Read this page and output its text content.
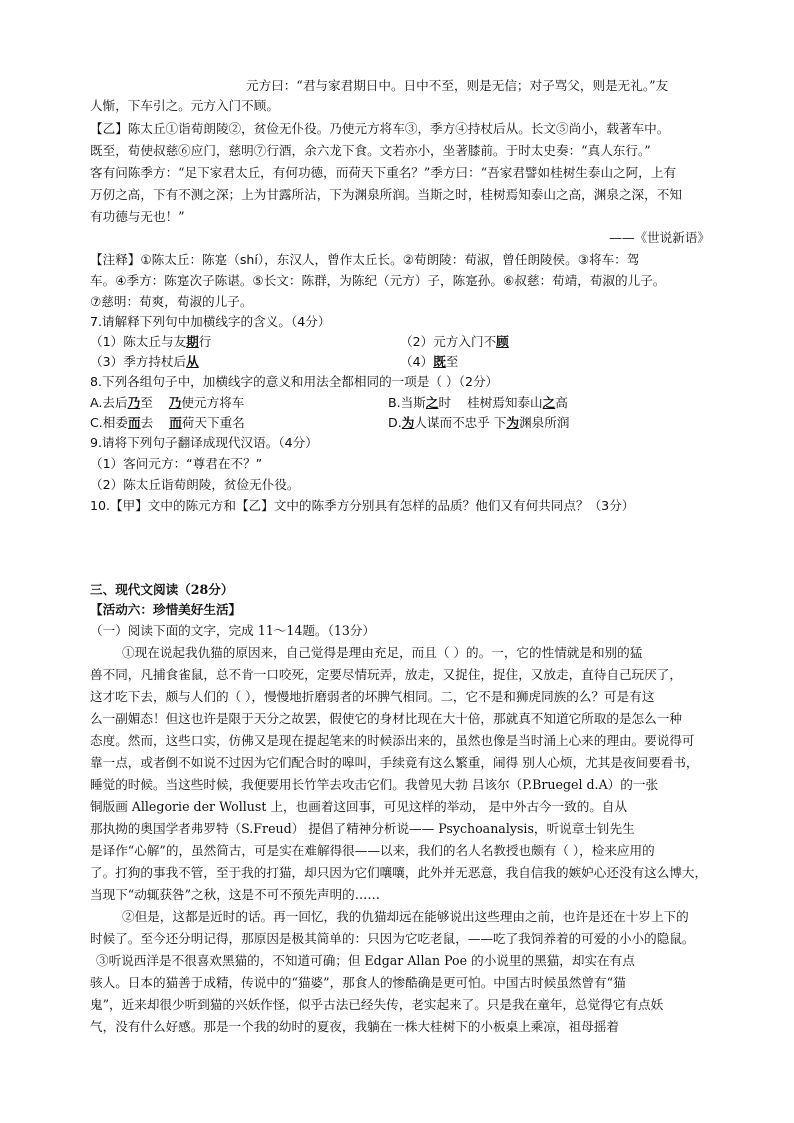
元方曰：“君与家君期日中。日中不至，则是无信；对子骂父，则是无礼。”友
人惭，下车引之。元方入门不顾。
【乙】陈太丘①诣荀朗陵②，贫俭无仆役。乃使元方将车③，季方④持杖后从。长文⑤尚小，载著车中。
既至，荀使叔慈⑥应门，慈明⑦行酒，余六龙下食。文若亦小，坐著膝前。于时太史奏：“真人东行。”
客有问陈季方：“足下家君太丘，有何功德，而荷天下重名？”季方曰：“吾家君譬如桂树生泰山之阿，上有
万仞之高，下有不测之深；上为甘露所沾，下为渊泉所润。当斯之时，桂树焉知泰山之高，渊泉之深，不知
有功德与无也！”
——《世说新语》
【注释】①陈太丘：陈寔（shí），东汉人，曾作太丘长。②荀朗陵：荀淑，曾任朗陵侯。③将车：驾
车。④季方：陈寔次子陈谌。⑤长文：陈群，为陈纪（元方）子，陈寔孙。⑥叔慈：荀靖，荀淑的儿子。
⑦慈明：荀爽，荀淑的儿子。
7.请解释下列句中加横线字的含义。（4分）
（1）陈太丘与友期行	（2）元方入门不顾
（3）季方持杖后从	（4）既至
8.下列各组句子中，加横线字的意义和用法全都相同的一项是（ ）（2分）
A.去后乃至    乃使元方将车	B.当斯之时    桂树焉知泰山之高
C.相委而去    而荷天下重名	D.为人谋而不忠乎 下为渊泉所润
9.请将下列句子翻译成现代汉语。（4分）
（1）客问元方：“尊君在不？”
（2）陈太丘诣荀朗陵，贫俭无仆役。
10.【甲】文中的陈元方和【乙】文中的陈季方分别具有怎样的品质？他们又有何共同点？（3分）
三、现代文阅读（28分）
【活动六：珍惜美好生活】
（一）阅读下面的文字，完成 11～14题。（13分）
①现在说起我仇猫的原因来，自己觉得是理由充足，而且（ ）的。一，它的性情就是和别的猛
兽不同，凡捕食雀鼠，总不肯一口咬死，定要尽情玩弄，放走，又捉住，捉住，又放走，直待自己玩厌了，
这才吃下去，颇与人们的（ ），慢慢地折磨弱者的坏脾气相同。二，它不是和狮虎同族的么？可是有这
么一副媚态！但这也许是限于天分之故罢，假使它的身材比现在大十倍，那就真不知道它所取的是怎么一种
态度。然而，这些口实，仿佛又是现在提起笔来的时候添出来的，虽然也像是当时涌上心来的理由。要说得可
靠一点，或者倒不如说不过因为它们配合时的嗥叫，手续竟有这么繁重，闹得 别人心烦，尤其是夜间要看书，
睡觉的时候。当这些时候，我便要用长竹竿去攻击它们。我曾见大勃 吕该尔（P.Bruegel d.A）的一张
铜版画 Allegorie der Wollust 上，也画着这回事，可见这样的举动， 是中外古今一致的。自从
那执拗的奥国学者弗罗特（S.Freud） 提倡了精神分析说—— Psychoanalysis，听说章士钊先生
是译作“心解”的，虽然简古，可是实在难解得很——以来，我们的名人名教授也颇有（ ），检来应用的
了。打狗的事我不管，至于我的打猫，却只因为它们嚷嚷，此外并无恶意，我自信我的嫉妒心还没有这么博大，
当现下“动辄获咎”之秋，这是不可不预先声明的……
②但是，这都是近时的话。再一回忆，我的仇猫却远在能够说出这些理由之前，也许是还在十岁上下的
时候了。至今还分明记得，那原因是极其简单的：只因为它吃老鼠，——吃了我饲养着的可爱的小小的隐鼠。
③听说西洋是不很喜欢黑猫的，不知道可确；但 Edgar Allan Poe 的小说里的黑猫，却实在有点
骇人。日本的猫善于成精，传说中的“猫婆”，那食人的惨酷确是更可怕。中国古时候虽然曾有“猫
鬼”，近来却很少听到猫的兴妖作怪，似乎古法已经失传，老实起来了。只是我在童年，总觉得它有点妖
气，没有什么好感。那是一个我的幼时的夏夜，我躺在一株大桂树下的小板桌上乘凉，祖母摇着
